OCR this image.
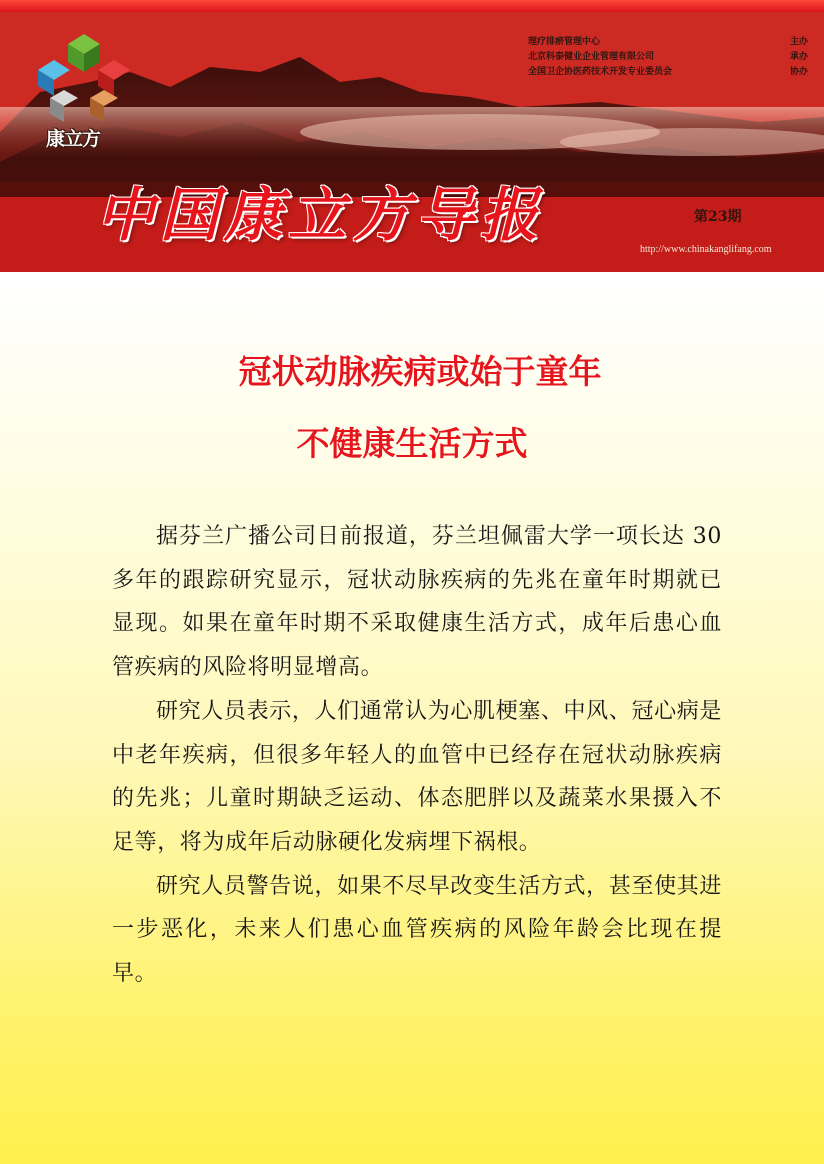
康立方
理疗排瘀管理中心	主办
北京科泰健业企业管理有限公司	承办
全国卫企协医药技术开发专业委员会	协办
中国康立方导报	第23期
http://www.chinakanglifang.com
冠状动脉疾病或始于童年
不健康生活方式

据芬兰广播公司日前报道，芬兰坦佩雷大学一项长达 30 多年的跟踪研究显示，冠状动脉疾病的先兆在童年时期就已显现。如果在童年时期不采取健康生活方式，成年后患心血管疾病的风险将明显增高。

研究人员表示，人们通常认为心肌梗塞、中风、冠心病是中老年疾病，但很多年轻人的血管中已经存在冠状动脉疾病的先兆；儿童时期缺乏运动、体态肥胖以及蔬菜水果摄入不足等，将为成年后动脉硬化发病埋下祸根。

研究人员警告说，如果不尽早改变生活方式，甚至使其进一步恶化，未来人们患心血管疾病的风险年龄会比现在提早。
